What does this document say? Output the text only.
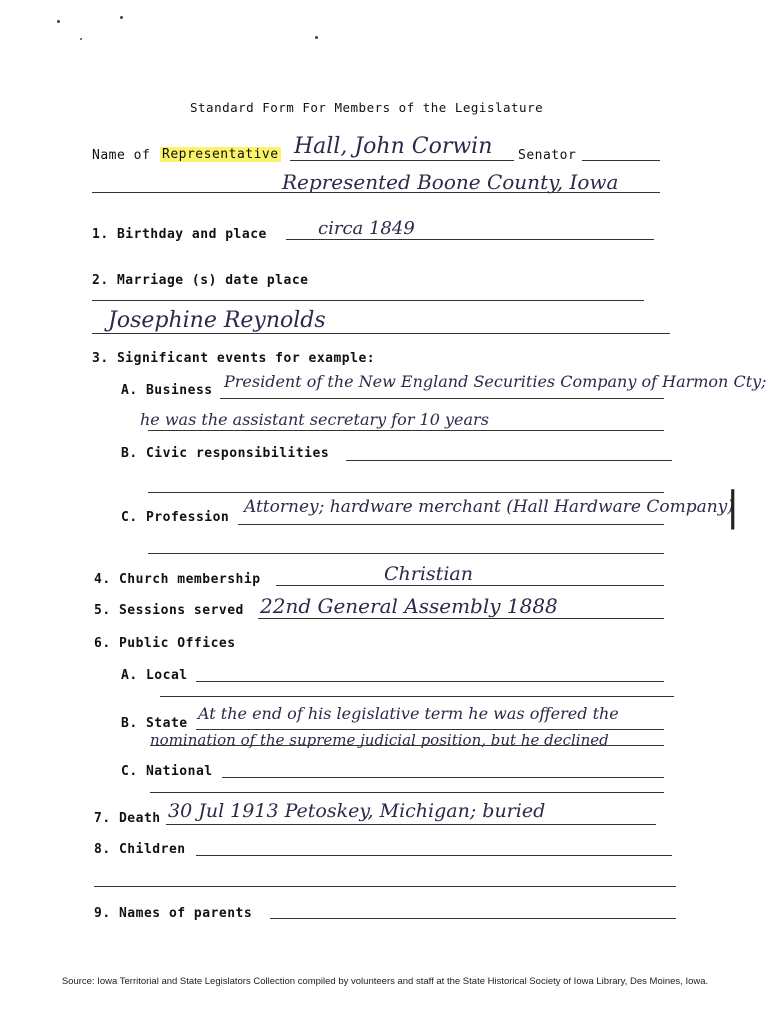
Standard Form For Members of the Legislature
Name of Representative Hall, John Corwin Senator
Represented Boone County, Iowa
1. Birthday and place	circa 1849
2. Marriage (s) date place
Josephine Reynolds
3. Significant events for example:
A. Business President of the New England Securities Company of Harmon Cty;
he was the assistant secretary for 10 years
B. Civic responsibilities
C. Profession
Attorney; hardware merchant (Hall Hardware Company)
|
4. Church membership	Christian
5. Sessions served 22nd General Assembly 1888
6. Public Offices
A. Local
B. State
At the end of his legislative term he was offered the
nomination of the supreme judicial position, but he declined
C. National
7. Death 30 Jul 1913 Petoskey, Michigan; buried
8. Children
9. Names of parents
Source: Iowa Territorial and State Legislators Collection compiled by volunteers and staff at the State Historical Society of Iowa Library, Des Moines, Iowa.
